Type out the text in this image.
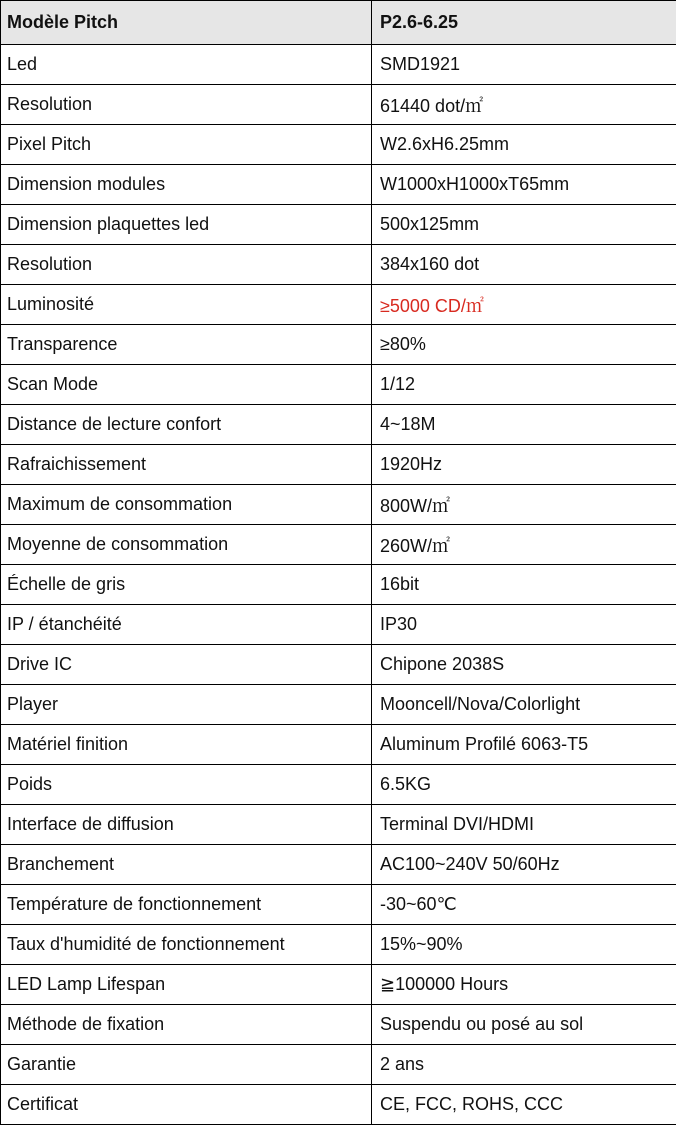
Modèle Pitch	P2.6-6.25
Led	SMD1921
Resolution	61440 dot/㎡
Pixel Pitch	W2.6xH6.25mm
Dimension modules	W1000xH1000xT65mm
Dimension plaquettes led	500x125mm
Resolution	384x160 dot
Luminosité	≥5000 CD/㎡
Transparence	≥80%
Scan Mode	1/12
Distance de lecture confort	4~18M
Rafraichissement	1920Hz
Maximum de consommation	800W/㎡
Moyenne de consommation	260W/㎡
Échelle de gris	16bit
IP / étanchéité	IP30
Drive IC	Chipone 2038S
Player	Mooncell/Nova/Colorlight
Matériel finition	Aluminum Profilé 6063-T5
Poids	6.5KG
Interface de diffusion	Terminal DVI/HDMI
Branchement	AC100~240V 50/60Hz
Température de fonctionnement	-30~60℃
Taux d'humidité de fonctionnement	15%~90%
LED Lamp Lifespan	≧100000 Hours
Méthode de fixation	Suspendu ou posé au sol
Garantie	2 ans
Certificat	CE, FCC, ROHS, CCC
